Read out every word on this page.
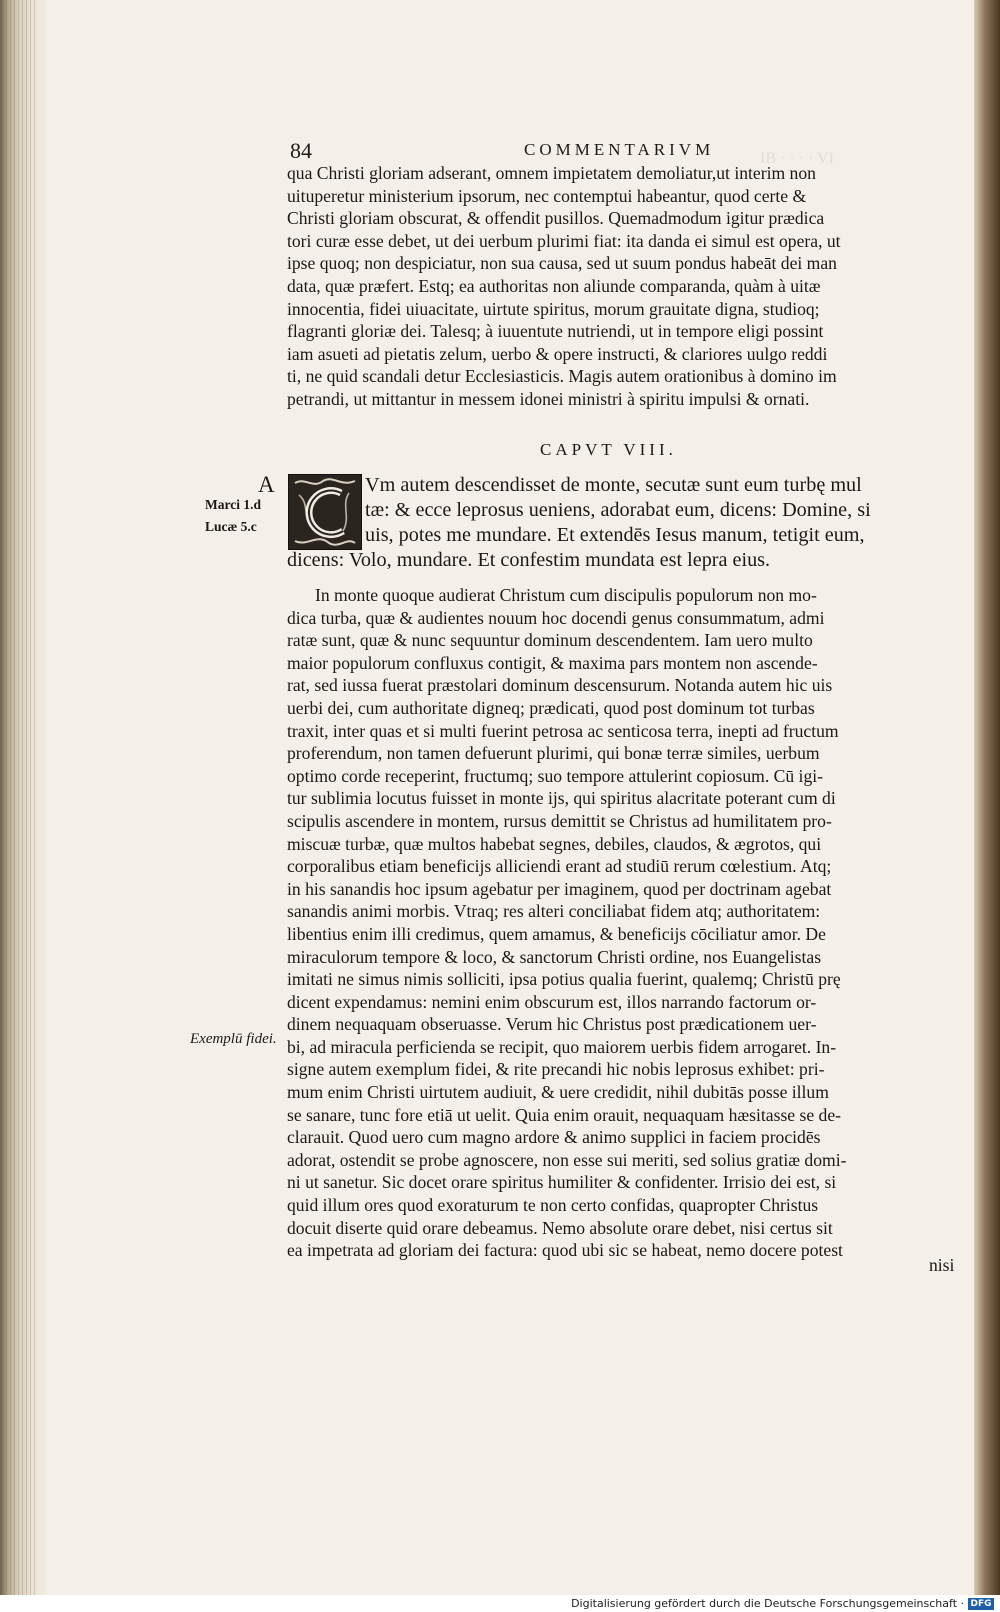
IB · · · · VI
84	COMMENTARIVM
qua Christi gloriam adserant, omnem impietatem demoliatur,ut interim non
uituperetur ministerium ipsorum, nec contemptui habeantur, quod certe &
Christi gloriam obscurat, & offendit pusillos. Quemadmodum igitur prædica
tori curæ esse debet, ut dei uerbum plurimi fiat: ita danda ei simul est opera, ut
ipse quoq; non despiciatur, non sua causa, sed ut suum pondus habeāt dei man
data, quæ præfert. Estq; ea authoritas non aliunde comparanda, quàm à uitæ
innocentia, fidei uiuacitate, uirtute spiritus, morum grauitate digna, studioq;
flagranti gloriæ dei. Talesq; à iuuentute nutriendi, ut in tempore eligi possint
iam asueti ad pietatis zelum, uerbo & opere instructi, & clariores uulgo reddi
ti, ne quid scandali detur Ecclesiasticis. Magis autem orationibus à domino im
petrandi, ut mittantur in messem idonei ministri à spiritu impulsi & ornati.
CAPVT VIII.
A
Marci 1.d
Lucæ 5.c
Vm autem descendisset de monte, secutæ sunt eum turbę mul
tæ: & ecce leprosus ueniens, adorabat eum, dicens: Domine, si
uis, potes me mundare. Et extendēs Iesus manum, tetigit eum,
dicens: Volo, mundare. Et confestim mundata est lepra eius.
Exemplū fidei.
In monte quoque audierat Christum cum discipulis populorum non mo-
dica turba, quæ & audientes nouum hoc docendi genus consummatum, admi
ratæ sunt, quæ & nunc sequuntur dominum descendentem. Iam uero multo
maior populorum confluxus contigit, & maxima pars montem non ascende-
rat, sed iussa fuerat præstolari dominum descensurum. Notanda autem hic uis
uerbi dei, cum authoritate digneq; prædicati, quod post dominum tot turbas
traxit, inter quas et si multi fuerint petrosa ac senticosa terra, inepti ad fructum
proferendum, non tamen defuerunt plurimi, qui bonæ terræ similes, uerbum
optimo corde receperint, fructumq; suo tempore attulerint copiosum. Cū igi-
tur sublimia locutus fuisset in monte ijs, qui spiritus alacritate poterant cum di
scipulis ascendere in montem, rursus demittit se Christus ad humilitatem pro-
miscuæ turbæ, quæ multos habebat segnes, debiles, claudos, & ægrotos, qui
corporalibus etiam beneficijs alliciendi erant ad studiū rerum cœlestium. Atq;
in his sanandis hoc ipsum agebatur per imaginem, quod per doctrinam agebat
sanandis animi morbis. Vtraq; res alteri conciliabat fidem atq; authoritatem:
libentius enim illi credimus, quem amamus, & beneficijs cōciliatur amor. De
miraculorum tempore & loco, & sanctorum Christi ordine, nos Euangelistas
imitati ne simus nimis solliciti, ipsa potius qualia fuerint, qualemq; Christū prę
dicent expendamus: nemini enim obscurum est, illos narrando factorum or-
dinem nequaquam obseruasse. Verum hic Christus post prædicationem uer-
bi, ad miracula perficienda se recipit, quo maiorem uerbis fidem arrogaret. In-
signe autem exemplum fidei, & rite precandi hic nobis leprosus exhibet: pri-
mum enim Christi uirtutem audiuit, & uere credidit, nihil dubitās posse illum
se sanare, tunc fore etiā ut uelit. Quia enim orauit, nequaquam hæsitasse se de-
clarauit. Quod uero cum magno ardore & animo supplici in faciem procidēs
adorat, ostendit se probe agnoscere, non esse sui meriti, sed solius gratiæ domi-
ni ut sanetur. Sic docet orare spiritus humiliter & confidenter. Irrisio dei est, si
quid illum ores quod exoraturum te non certo confidas, quapropter Christus
docuit diserte quid orare debeamus. Nemo absolute orare debet, nisi certus sit
ea impetrata ad gloriam dei factura: quod ubi sic se habeat, nemo docere potest
nisi
Digitalisierung gefördert durch die Deutsche Forschungsgemeinschaft · DFG
